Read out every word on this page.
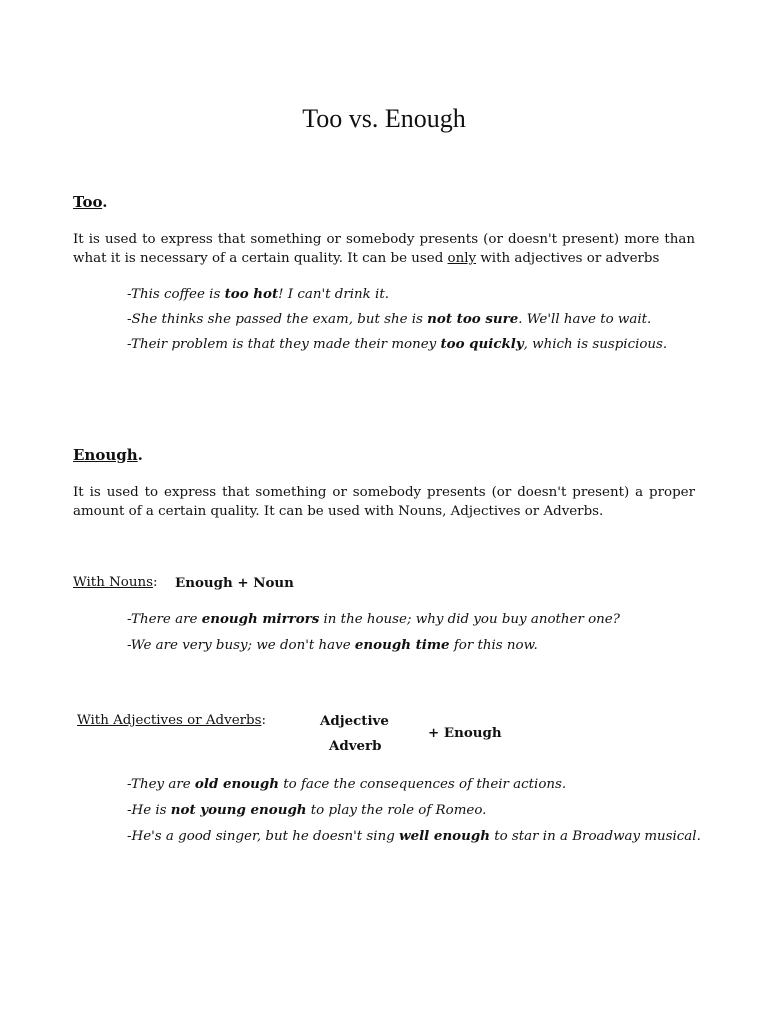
Too vs. Enough
Too.
It is used to express that something or somebody presents (or doesn't present) more than what it is necessary of a certain quality. It can be used only with adjectives or adverbs
-This coffee is too hot! I can't drink it.
-She thinks she passed the exam, but she is not too sure. We'll have to wait.
-Their problem is that they made their money too quickly, which is suspicious.
Enough.
It is used to express that something or somebody presents (or doesn't present) a proper amount of a certain quality. It can be used with Nouns, Adjectives or Adverbs.
With Nouns: Enough + Noun
-There are enough mirrors in the house; why did you buy another one?
-We are very busy; we don't have enough time for this now.
With Adjectives or Adverbs:	Adjective
Adverb
+ Enough
-They are old enough to face the consequences of their actions.
-He is not young enough to play the role of Romeo.
-He's a good singer, but he doesn't sing well enough to star in a Broadway musical.
